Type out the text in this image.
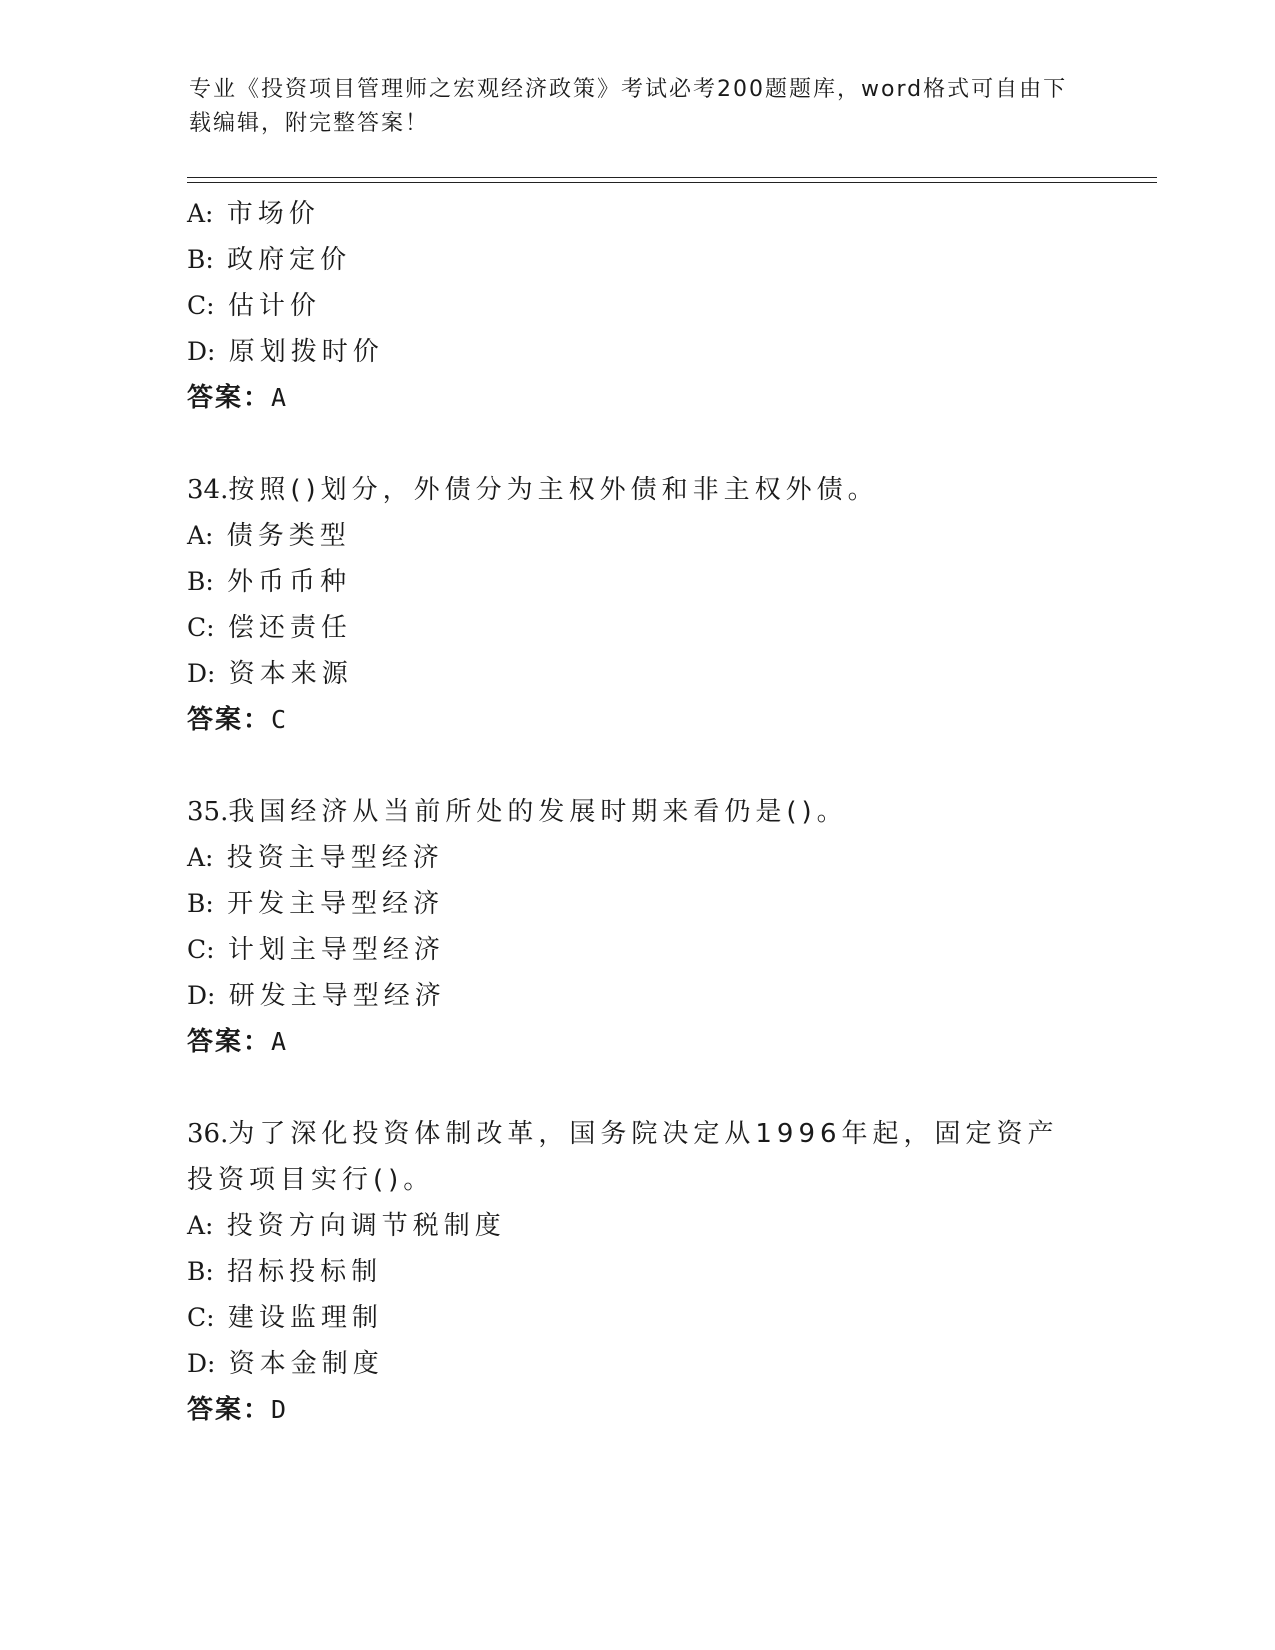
专业《投资项目管理师之宏观经济政策》考试必考200题题库，word格式可自由下载编辑，附完整答案！
A: 市场价
B: 政府定价
C: 估计价
D: 原划拨时价
答案：A
34.按照()划分，外债分为主权外债和非主权外债。
A: 债务类型
B: 外币币种
C: 偿还责任
D: 资本来源
答案：C
35.我国经济从当前所处的发展时期来看仍是()。
A: 投资主导型经济
B: 开发主导型经济
C: 计划主导型经济
D: 研发主导型经济
答案：A
36.为了深化投资体制改革，国务院决定从1996年起，固定资产投资项目实行()。
A: 投资方向调节税制度
B: 招标投标制
C: 建设监理制
D: 资本金制度
答案：D
